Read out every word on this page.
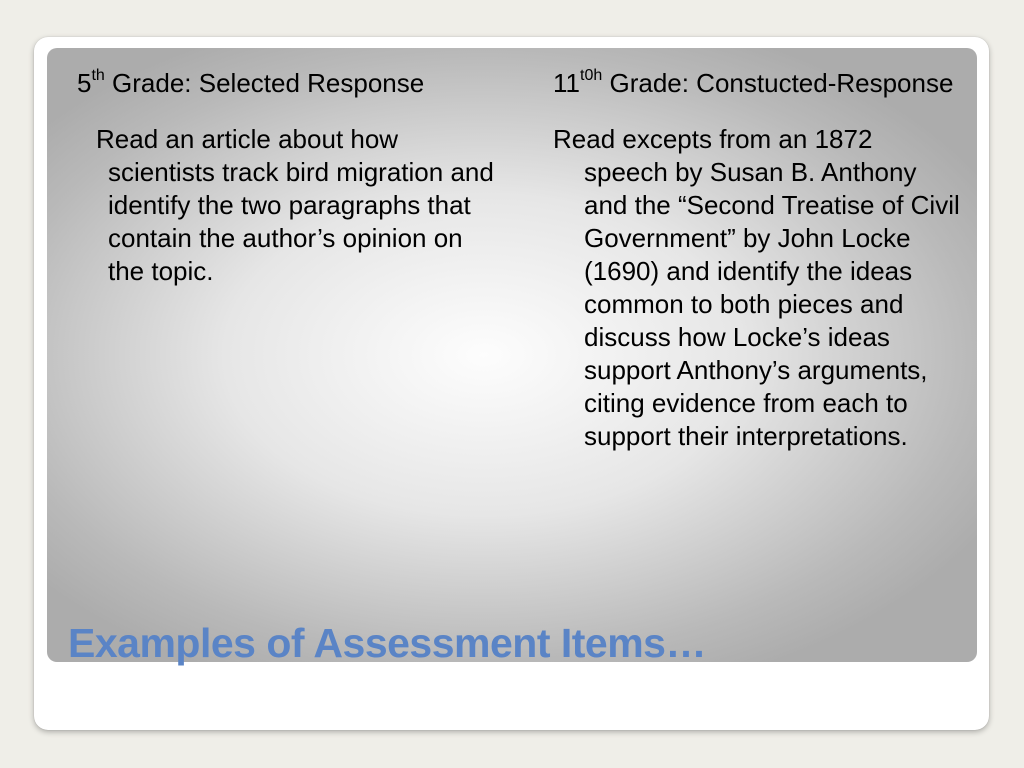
5th Grade: Selected Response

Read an article about how scientists track bird migration and identify the two paragraphs that contain the author’s opinion on the topic.

$11^{t0h}$ Grade: Constucted-Response

Read excepts from an 1872 speech by Susan B. Anthony and the “Second Treatise of Civil Government” by John Locke (1690) and identify the ideas common to both pieces and discuss how Locke’s ideas support Anthony’s arguments, citing evidence from each to support their interpretations.

Examples of Assessment Items…
